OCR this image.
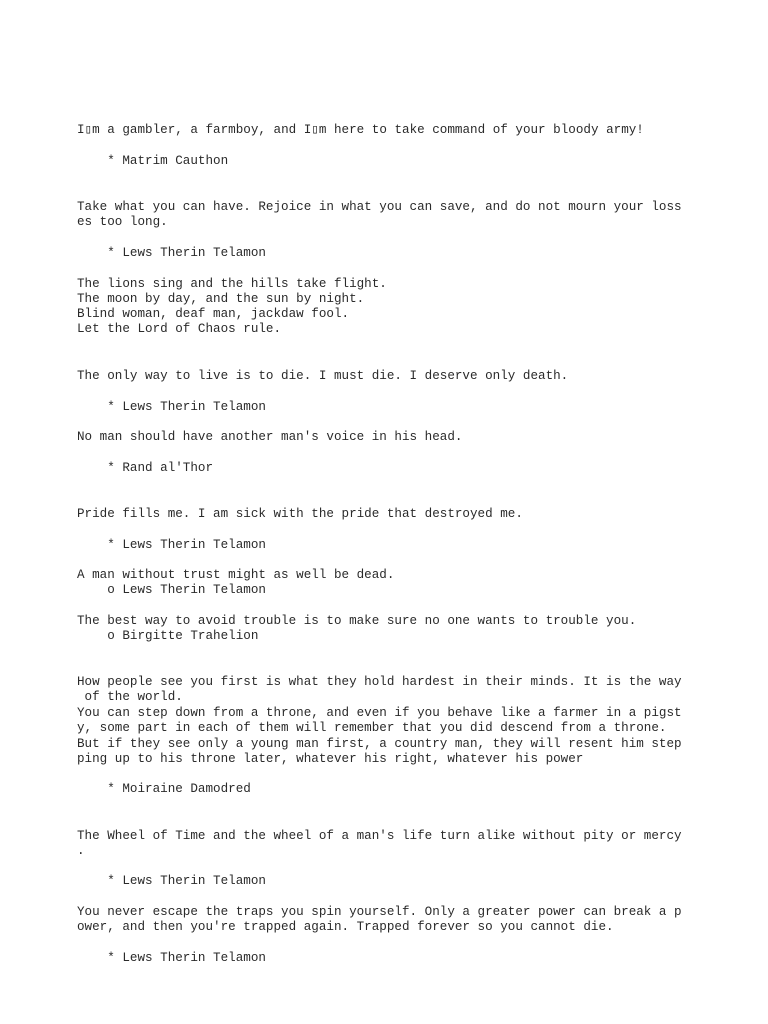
I▯m a gambler, a farmboy, and I▯m here to take command of your bloody army!

* Matrim Cauthon

Take what you can have. Rejoice in what you can save, and do not mourn your loss

es too long.

* Lews Therin Telamon

The lions sing and the hills take flight.

The moon by day, and the sun by night.

Blind woman, deaf man, jackdaw fool.

Let the Lord of Chaos rule.

The only way to live is to die. I must die. I deserve only death.

* Lews Therin Telamon

No man should have another man's voice in his head.

* Rand al'Thor

Pride fills me. I am sick with the pride that destroyed me.

* Lews Therin Telamon

A man without trust might as well be dead.

o Lews Therin Telamon

The best way to avoid trouble is to make sure no one wants to trouble you.

o Birgitte Trahelion

How people see you first is what they hold hardest in their minds. It is the way

of the world.

You can step down from a throne, and even if you behave like a farmer in a pigst

y, some part in each of them will remember that you did descend from a throne.

But if they see only a young man first, a country man, they will resent him step

ping up to his throne later, whatever his right, whatever his power

* Moiraine Damodred

The Wheel of Time and the wheel of a man's life turn alike without pity or mercy

.

* Lews Therin Telamon

You never escape the traps you spin yourself. Only a greater power can break a p

ower, and then you're trapped again. Trapped forever so you cannot die.

* Lews Therin Telamon
